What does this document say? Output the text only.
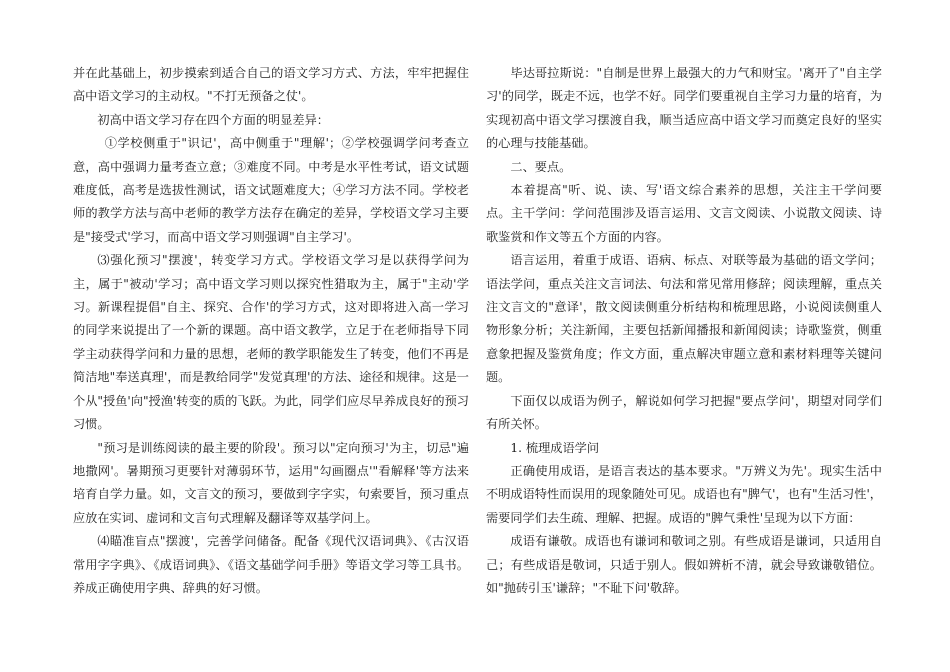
并在此基础上，初步摸索到适合自己的语文学习方式、方法，牢牢把握住高中语文学习的主动权。"不打无预备之仗'。

初高中语文学习存在四个方面的明显差异：

①学校侧重于"识记'，高中侧重于"理解'；②学校强调学问考查立意，高中强调力量考查立意；③难度不同。中考是水平性考试，语文试题难度低，高考是选拔性测试，语文试题难度大；④学习方法不同。学校老师的教学方法与高中老师的教学方法存在确定的差异，学校语文学习主要是"接受式'学习，而高中语文学习则强调"自主学习'。

⑶强化预习"摆渡'，转变学习方式。学校语文学习是以获得学问为主，属于"被动'学习；高中语文学习则以探究性猎取为主，属于"主动'学习。新课程提倡"自主、探究、合作'的学习方式，这对即将进入高一学习的同学来说提出了一个新的课题。高中语文教学，立足于在老师指导下同学主动获得学问和力量的思想，老师的教学职能发生了转变，他们不再是简洁地"奉送真理'，而是教给同学"发觉真理'的方法、途径和规律。这是一个从"授鱼'向"授渔'转变的质的飞跃。为此，同学们应尽早养成良好的预习习惯。

"预习是训练阅读的最主要的阶段'。预习以"定向预习'为主，切忌"遍地撒网'。暑期预习更要针对薄弱环节，运用"勾画圈点'"看解释'等方法来培育自学力量。如，文言文的预习，要做到字字实，句索要旨，预习重点应放在实词、虚词和文言句式理解及翻译等双基学问上。

⑷瞄准盲点"摆渡'，完善学问储备。配备《现代汉语词典》、《古汉语常用字字典》、《成语词典》、《语文基础学问手册》等语文学习等工具书。养成正确使用字典、辞典的好习惯。

毕达哥拉斯说："自制是世界上最强大的力气和财宝。'离开了"自主学习'的同学，既走不远，也学不好。同学们要重视自主学习力量的培育，为实现初高中语文学习摆渡自我，顺当适应高中语文学习而奠定良好的坚实的心理与技能基础。

二、要点。

本着提高"听、说、读、写'语文综合素养的思想，关注主干学问要点。主干学问：学问范围涉及语言运用、文言文阅读、小说散文阅读、诗歌鉴赏和作文等五个方面的内容。

语言运用，着重于成语、语病、标点、对联等最为基础的语文学问；语法学问，重点关注文言词法、句法和常见常用修辞；阅读理解，重点关注文言文的"意译'，散文阅读侧重分析结构和梳理思路，小说阅读侧重人物形象分析；关注新闻，主要包括新闻播报和新闻阅读；诗歌鉴赏，侧重意象把握及鉴赏角度；作文方面，重点解决审题立意和素材料理等关键问题。

下面仅以成语为例子，解说如何学习把握"要点学问'，期望对同学们有所关怀。

1. 梳理成语学问

正确使用成语，是语言表达的基本要求。"万辨义为先'。现实生活中不明成语特性而误用的现象随处可见。成语也有"脾气'，也有"生活习性'，需要同学们去生疏、理解、把握。成语的"脾气秉性'呈现为以下方面：

成语有谦敬。成语也有谦词和敬词之别。有些成语是谦词，只适用自己；有些成语是敬词，只适于别人。假如辨析不清，就会导致谦敬错位。如"抛砖引玉'谦辞；"不耻下问'敬辞。
